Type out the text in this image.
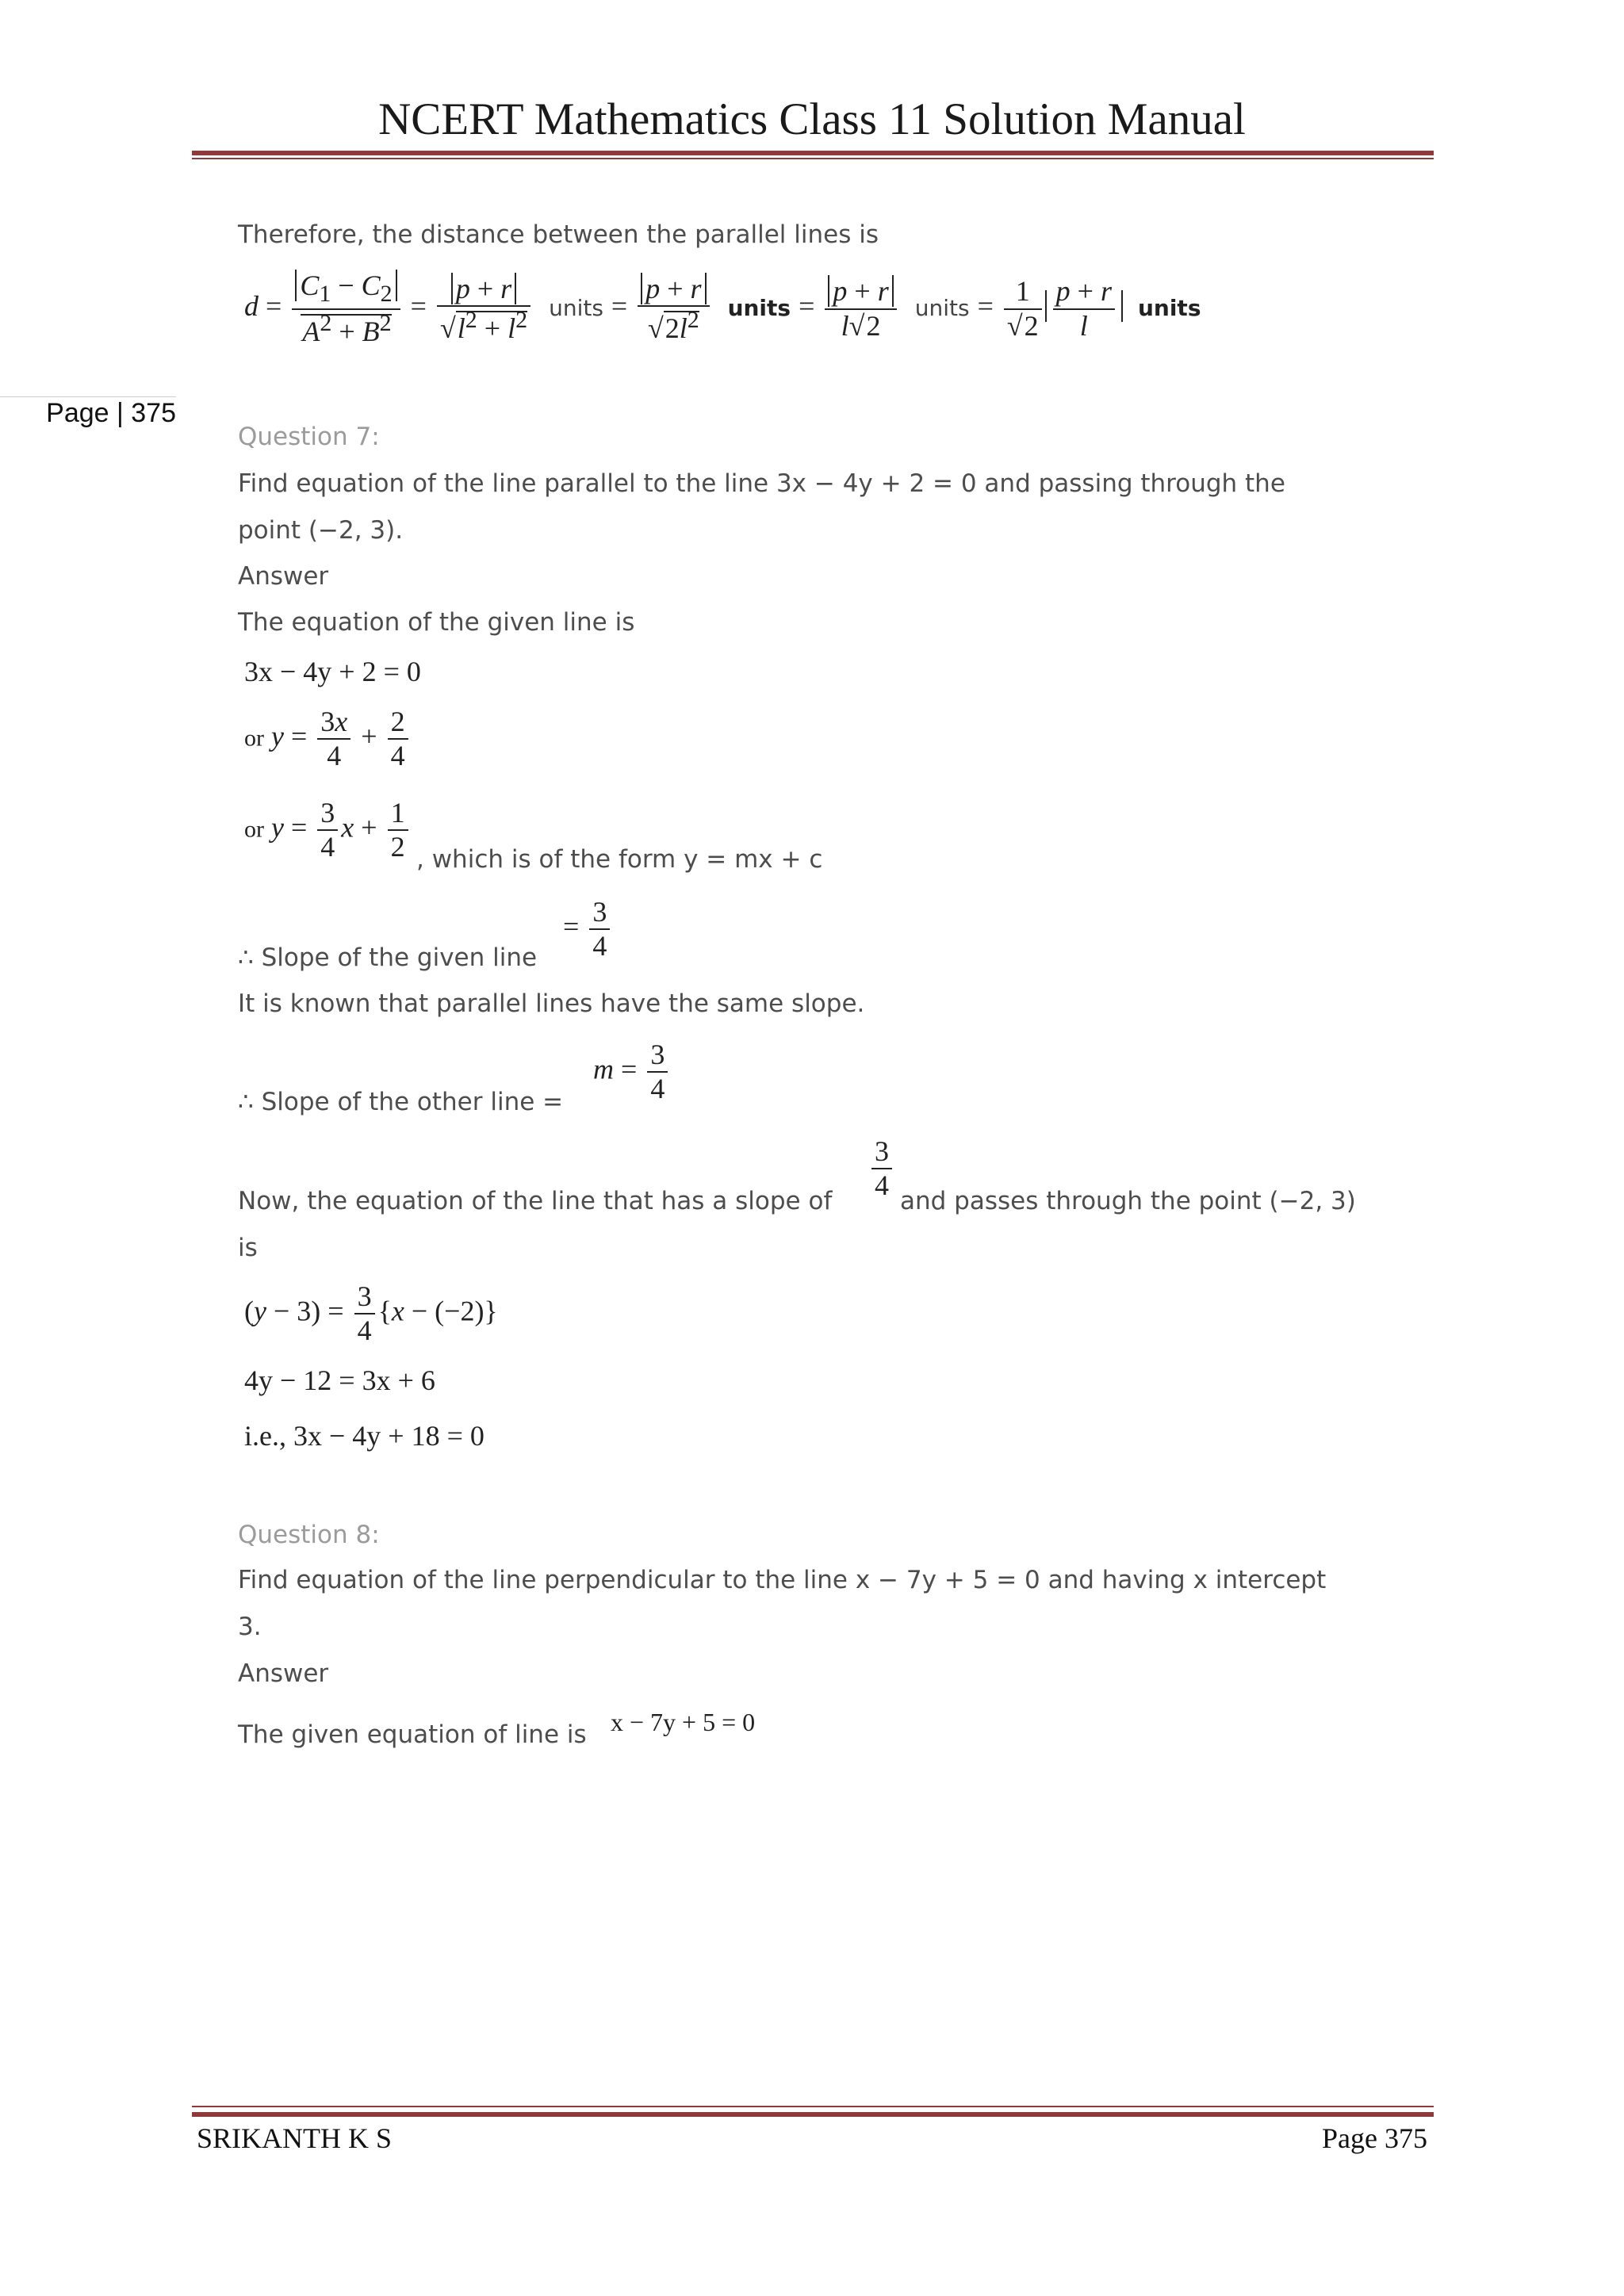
NCERT Mathematics Class 11 Solution Manual
Page | 375
Therefore, the distance between the parallel lines is
$d = \frac{C_1 - C_2}{A^2 + B^2} = \frac{p + r}{√l^2 + l^2}$ units = $\frac{p + r}{√2l^2}$ units = $\frac{p + r}{l√2}$ units = $\frac{1}{√2} \frac{p + r}{l}$ units
Question 7:
Find equation of the line parallel to the line 3x − 4y + 2 = 0 and passing through the
point (−2, 3).
Answer
The equation of the given line is
3x − 4y + 2 = 0
or $y = \frac{3x}{4} + \frac{2}{4}$
or $y = \frac{3}{4}$ $x + \frac{1}{2}$ , which is of the form y = mx + c
∴ Slope of the given line
= $\frac{3}{4}$
It is known that parallel lines have the same slope.
∴ Slope of the other line =
$m = \frac{3}{4}$
Now, the equation of the line that has a slope of $\frac{3}{4}$ and passes through the point (−2, 3)
is
$(y - 3) = \frac{3}{4} \{x - (-2)\}$
4y − 12 = 3x + 6
i.e., 3x − 4y + 18 = 0
Question 8:
Find equation of the line perpendicular to the line x − 7y + 5 = 0 and having x intercept
3.
Answer
The given equation of line is x − 7y + 5 = 0
SRIKANTH K S	Page 375
